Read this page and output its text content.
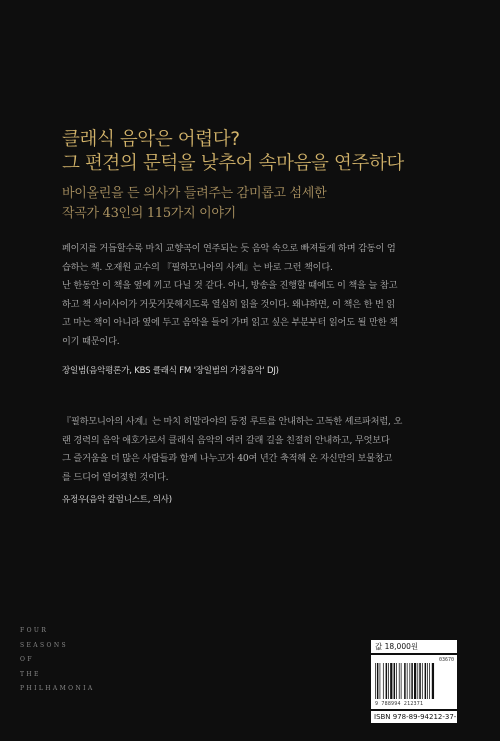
클래식 음악은 어렵다?
그 편견의 문턱을 낮추어 속마음을 연주하다
바이올린을 든 의사가 들려주는 감미롭고 섬세한
작곡가 43인의 115가지 이야기
페이지를 거듭할수록 마치 교향곡이 연주되는 듯 음악 속으로 빠져들게 하며 감동이 엄
습하는 책. 오재원 교수의 『필하모니아의 사계』는 바로 그런 책이다.
난 한동안 이 책을 옆에 끼고 다닐 것 같다. 아니, 방송을 진행할 때에도 이 책을 늘 참고
하고 책 사이사이가 거뭇거뭇해지도록 열심히 읽을 것이다. 왜냐하면, 이 책은 한 번 읽
고 마는 책이 아니라 옆에 두고 음악을 들어 가며 읽고 싶은 부분부터 읽어도 될 만한 책
이기 때문이다.
장일범(음악평론가, KBS 클래식 FM '장일범의 가정음악' DJ)
『필하모니아의 사계』는 마치 히말라야의 등정 루트를 안내하는 고독한 셰르파처럼, 오
랜 경력의 음악 애호가로서 클래식 음악의 여러 갈래 길을 친절히 안내하고, 무엇보다
그 즐거움을 더 많은 사람들과 함께 나누고자 40여 년간 축적해 온 자신만의 보물창고
를 드디어 열어젖힌 것이다.
유정우(음악 칼럼니스트, 의사)
FOUR
SEASONS
OF
THE
PHILHAMONIA
값 18,000원
03670
9 788994 212371
ISBN 978-89-94212-37-1
